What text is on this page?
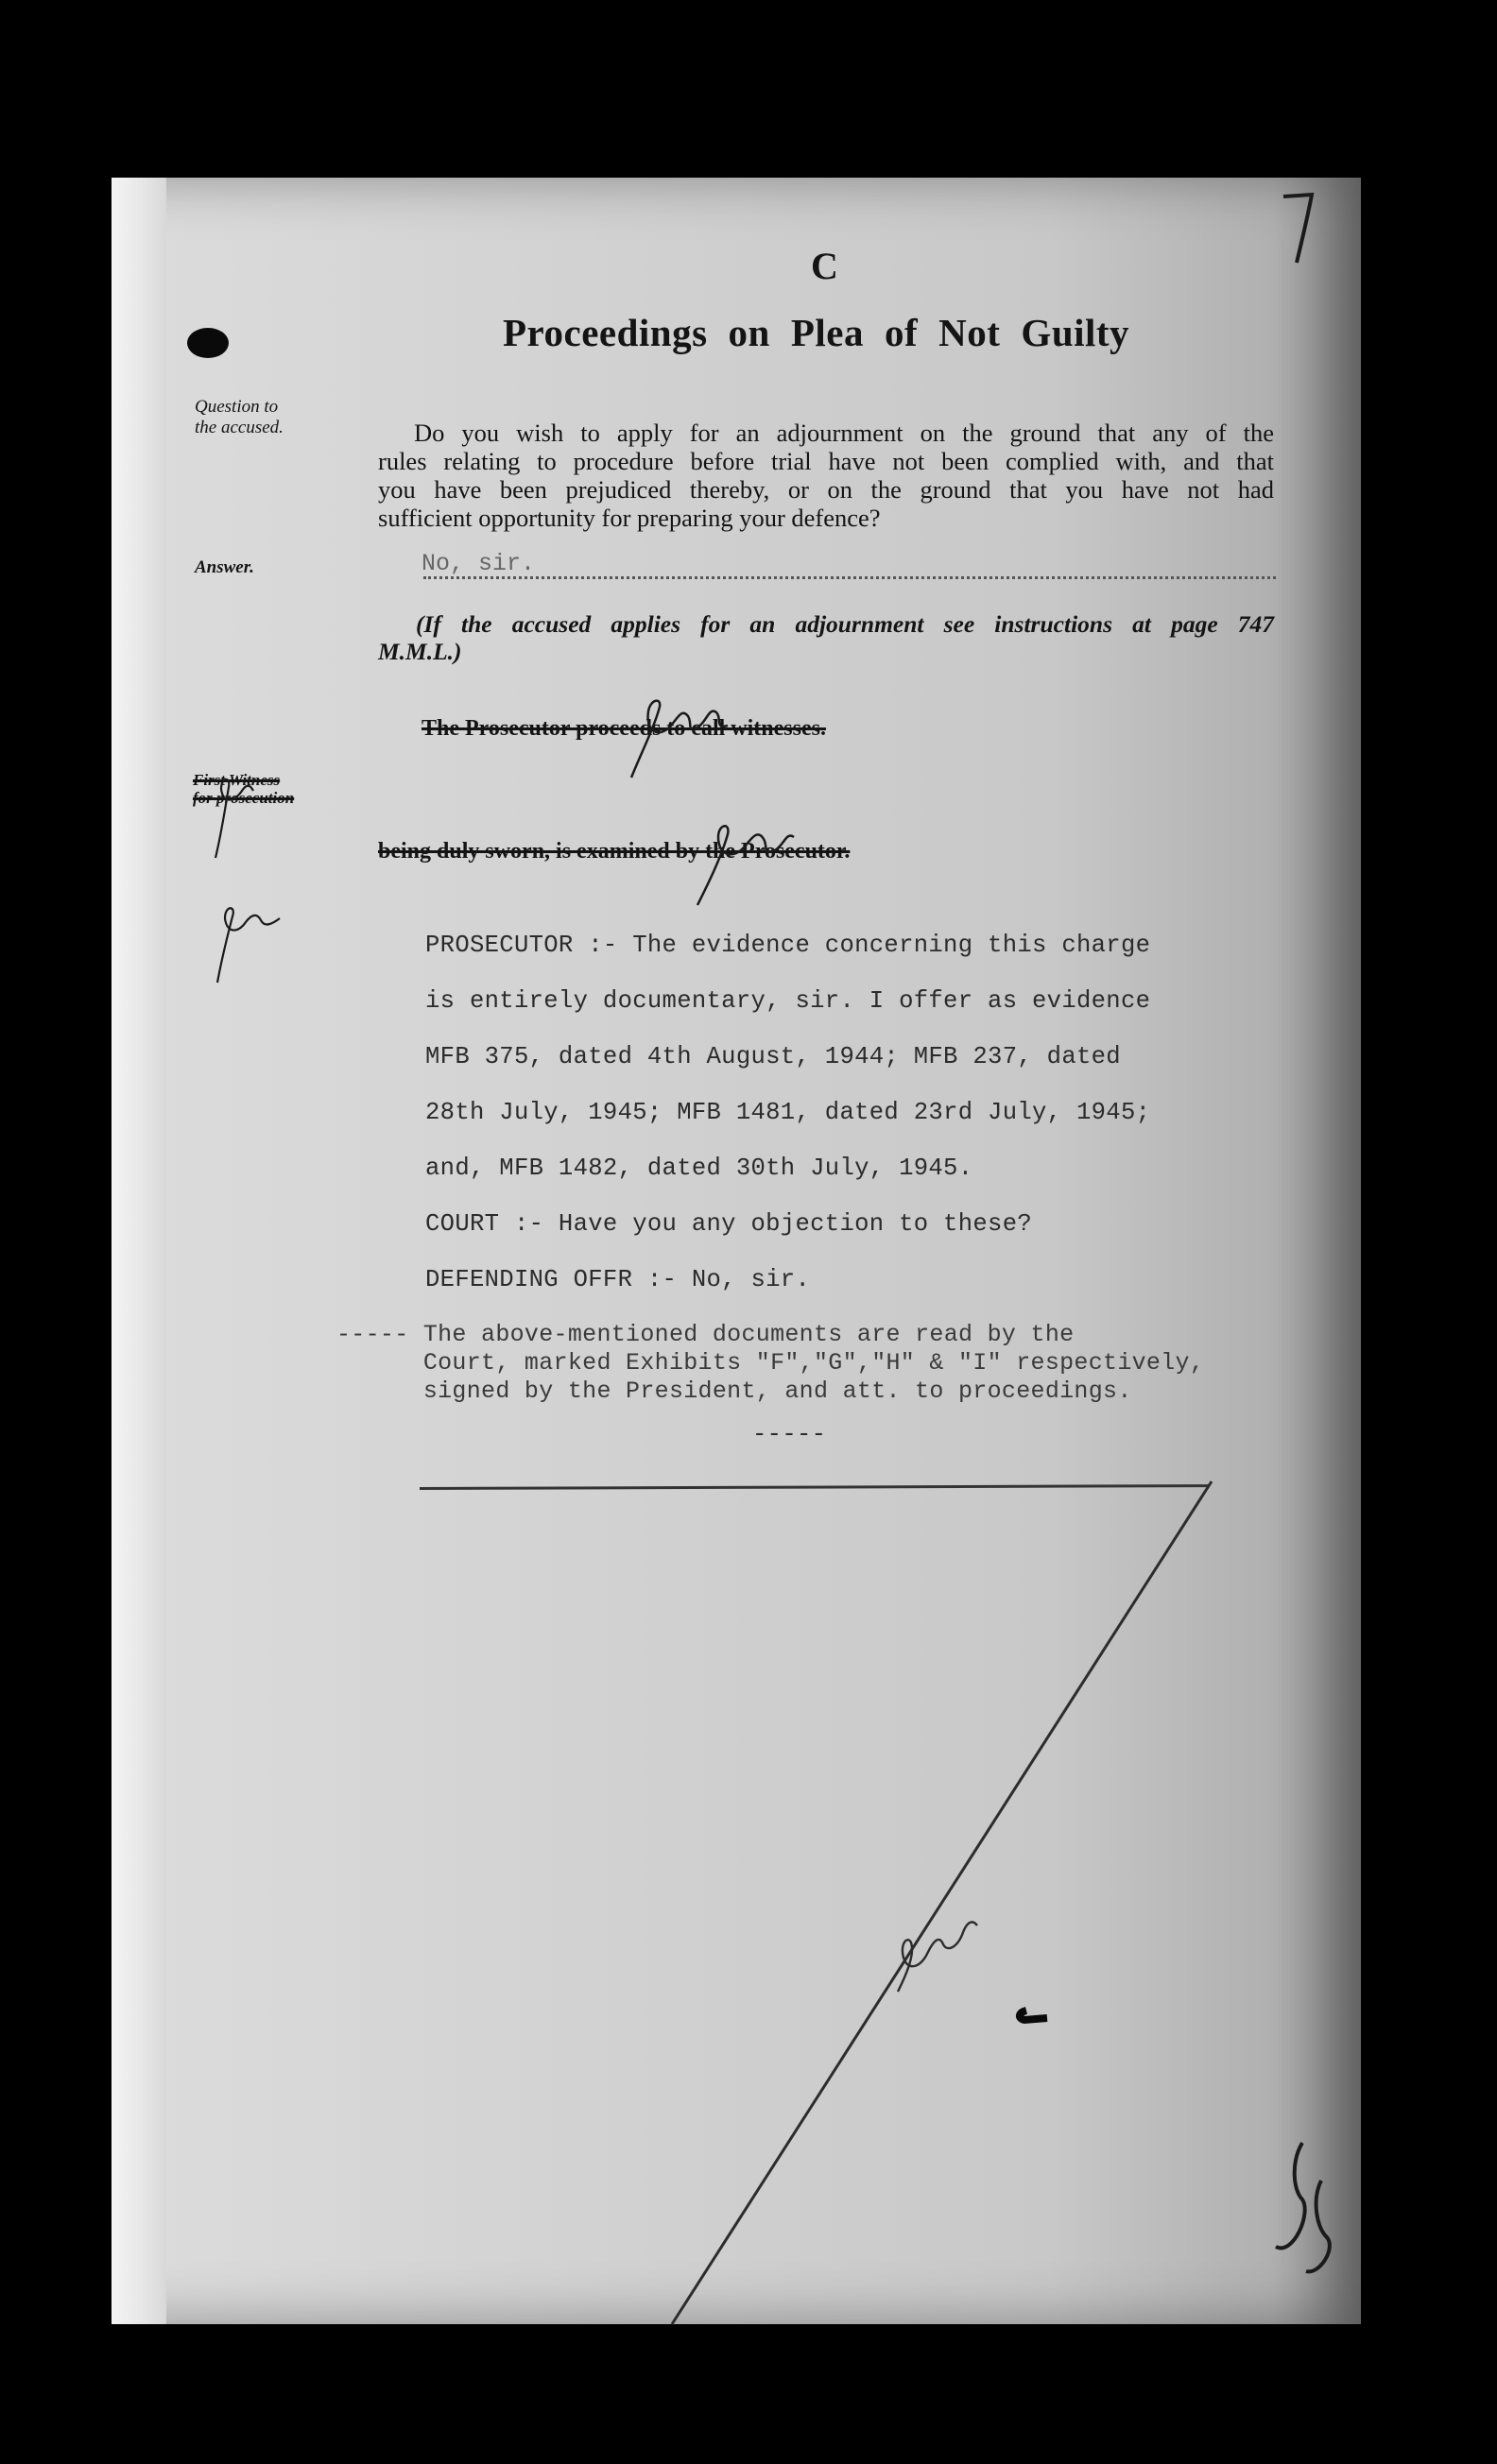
C
Proceedings on Plea of Not Guilty
Question to
the accused.
Answer.
First Witness
for prosecution
Do you wish to apply for an adjournment on the ground that any of the
rules relating to procedure before trial have not been complied with, and that
you have been prejudiced thereby, or on the ground that you have not had
sufficient opportunity for preparing your defence?
No, sir.
(If the accused applies for an adjournment see instructions at page 747
M.M.L.)
The Prosecutor proceeds to call witnesses.
being duly sworn, is examined by the Prosecutor.
PROSECUTOR :- The evidence concerning this charge
is entirely documentary, sir. I offer as evidence
MFB 375, dated 4th August, 1944; MFB 237, dated
28th July, 1945; MFB 1481, dated 23rd July, 1945;
and, MFB 1482, dated 30th July, 1945.
COURT :- Have you any objection to these?
DEFENDING OFFR :- No, sir.
----- The above-mentioned documents are read by the
Court, marked Exhibits "F","G","H" & "I" respectively,
signed by the President, and att. to proceedings.
-----
